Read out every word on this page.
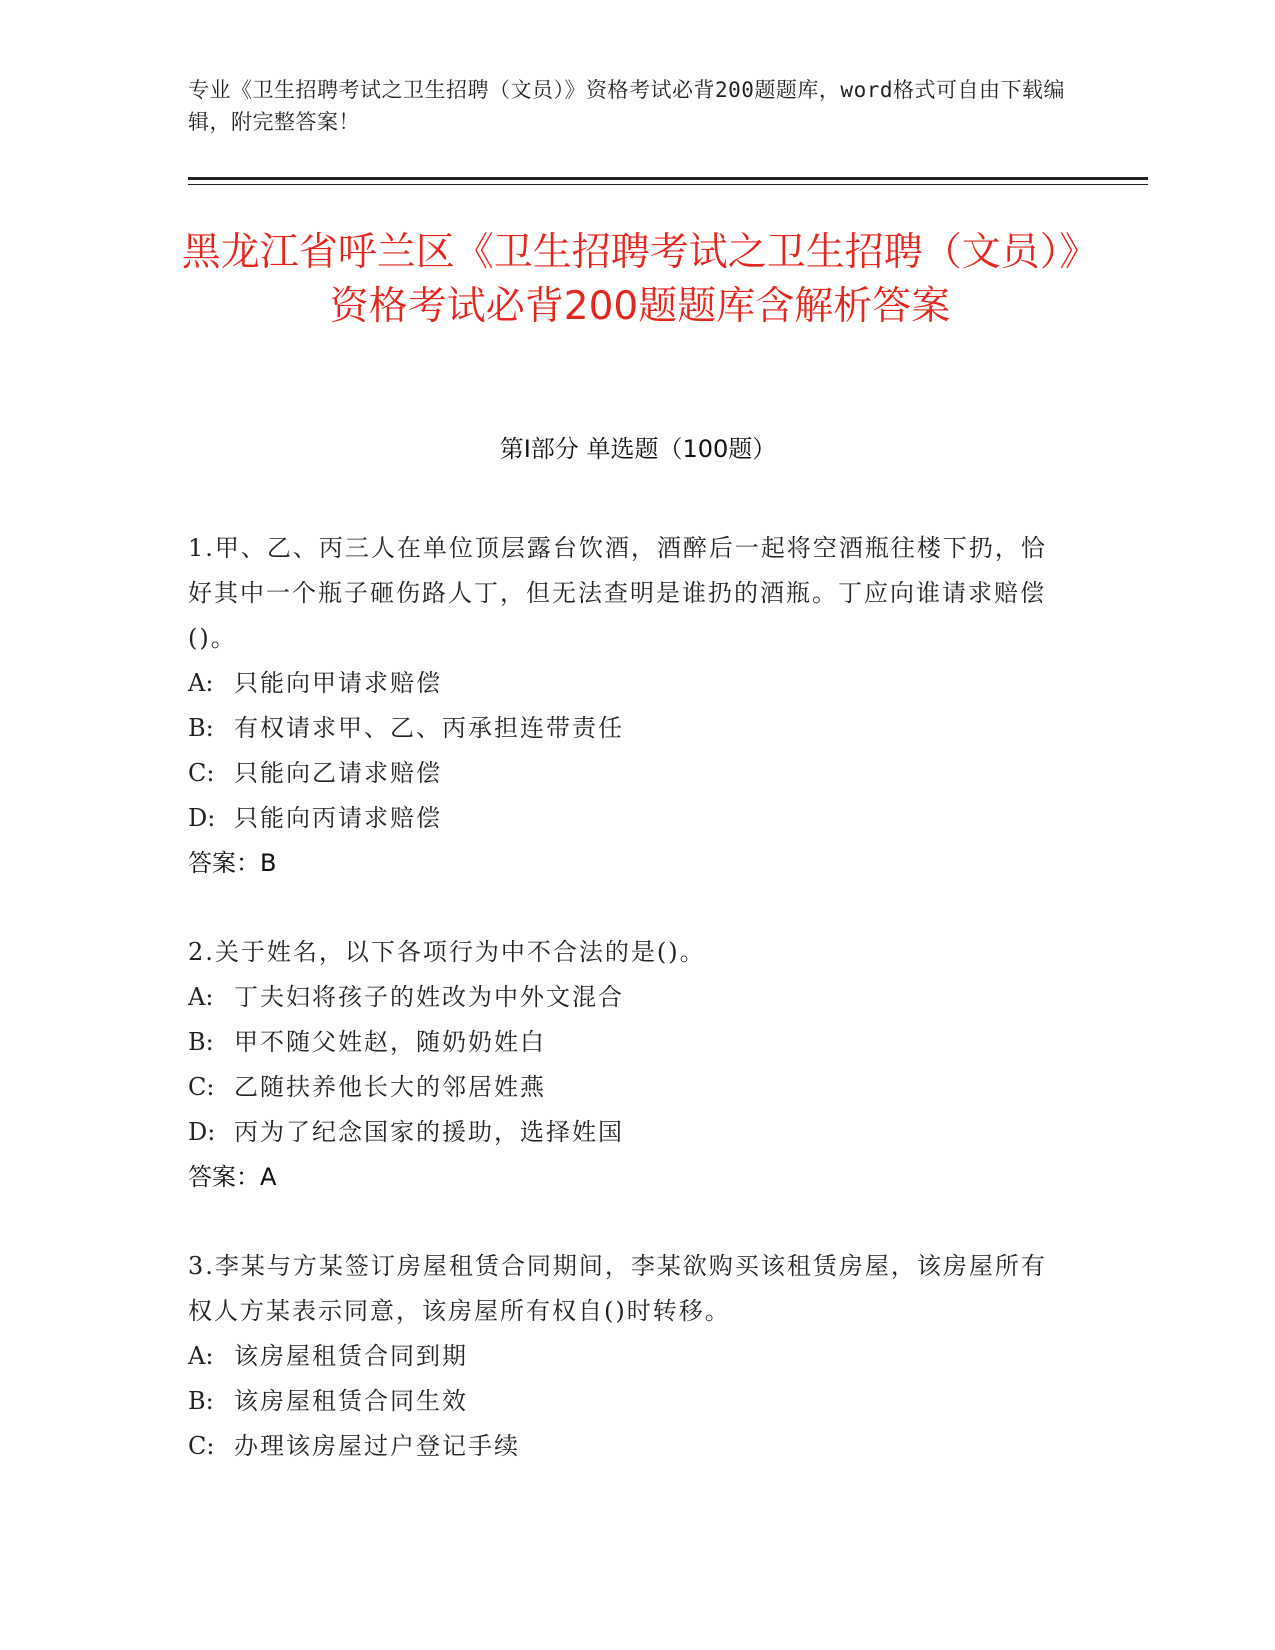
专业《卫生招聘考试之卫生招聘（文员）》资格考试必背200题题库，word格式可自由下载编辑，附完整答案！
黑龙江省呼兰区《卫生招聘考试之卫生招聘（文员）》资格考试必背200题题库含解析答案
第I部分 单选题（100题）
1.甲、乙、丙三人在单位顶层露台饮酒，酒醉后一起将空酒瓶往楼下扔，恰好其中一个瓶子砸伤路人丁，但无法查明是谁扔的酒瓶。丁应向谁请求赔偿()。
A: 只能向甲请求赔偿
B: 有权请求甲、乙、丙承担连带责任
C: 只能向乙请求赔偿
D: 只能向丙请求赔偿
答案：B
2.关于姓名，以下各项行为中不合法的是()。
A: 丁夫妇将孩子的姓改为中外文混合
B: 甲不随父姓赵，随奶奶姓白
C: 乙随扶养他长大的邻居姓燕
D: 丙为了纪念国家的援助，选择姓国
答案：A
3.李某与方某签订房屋租赁合同期间，李某欲购买该租赁房屋，该房屋所有权人方某表示同意，该房屋所有权自()时转移。
A: 该房屋租赁合同到期
B: 该房屋租赁合同生效
C: 办理该房屋过户登记手续
